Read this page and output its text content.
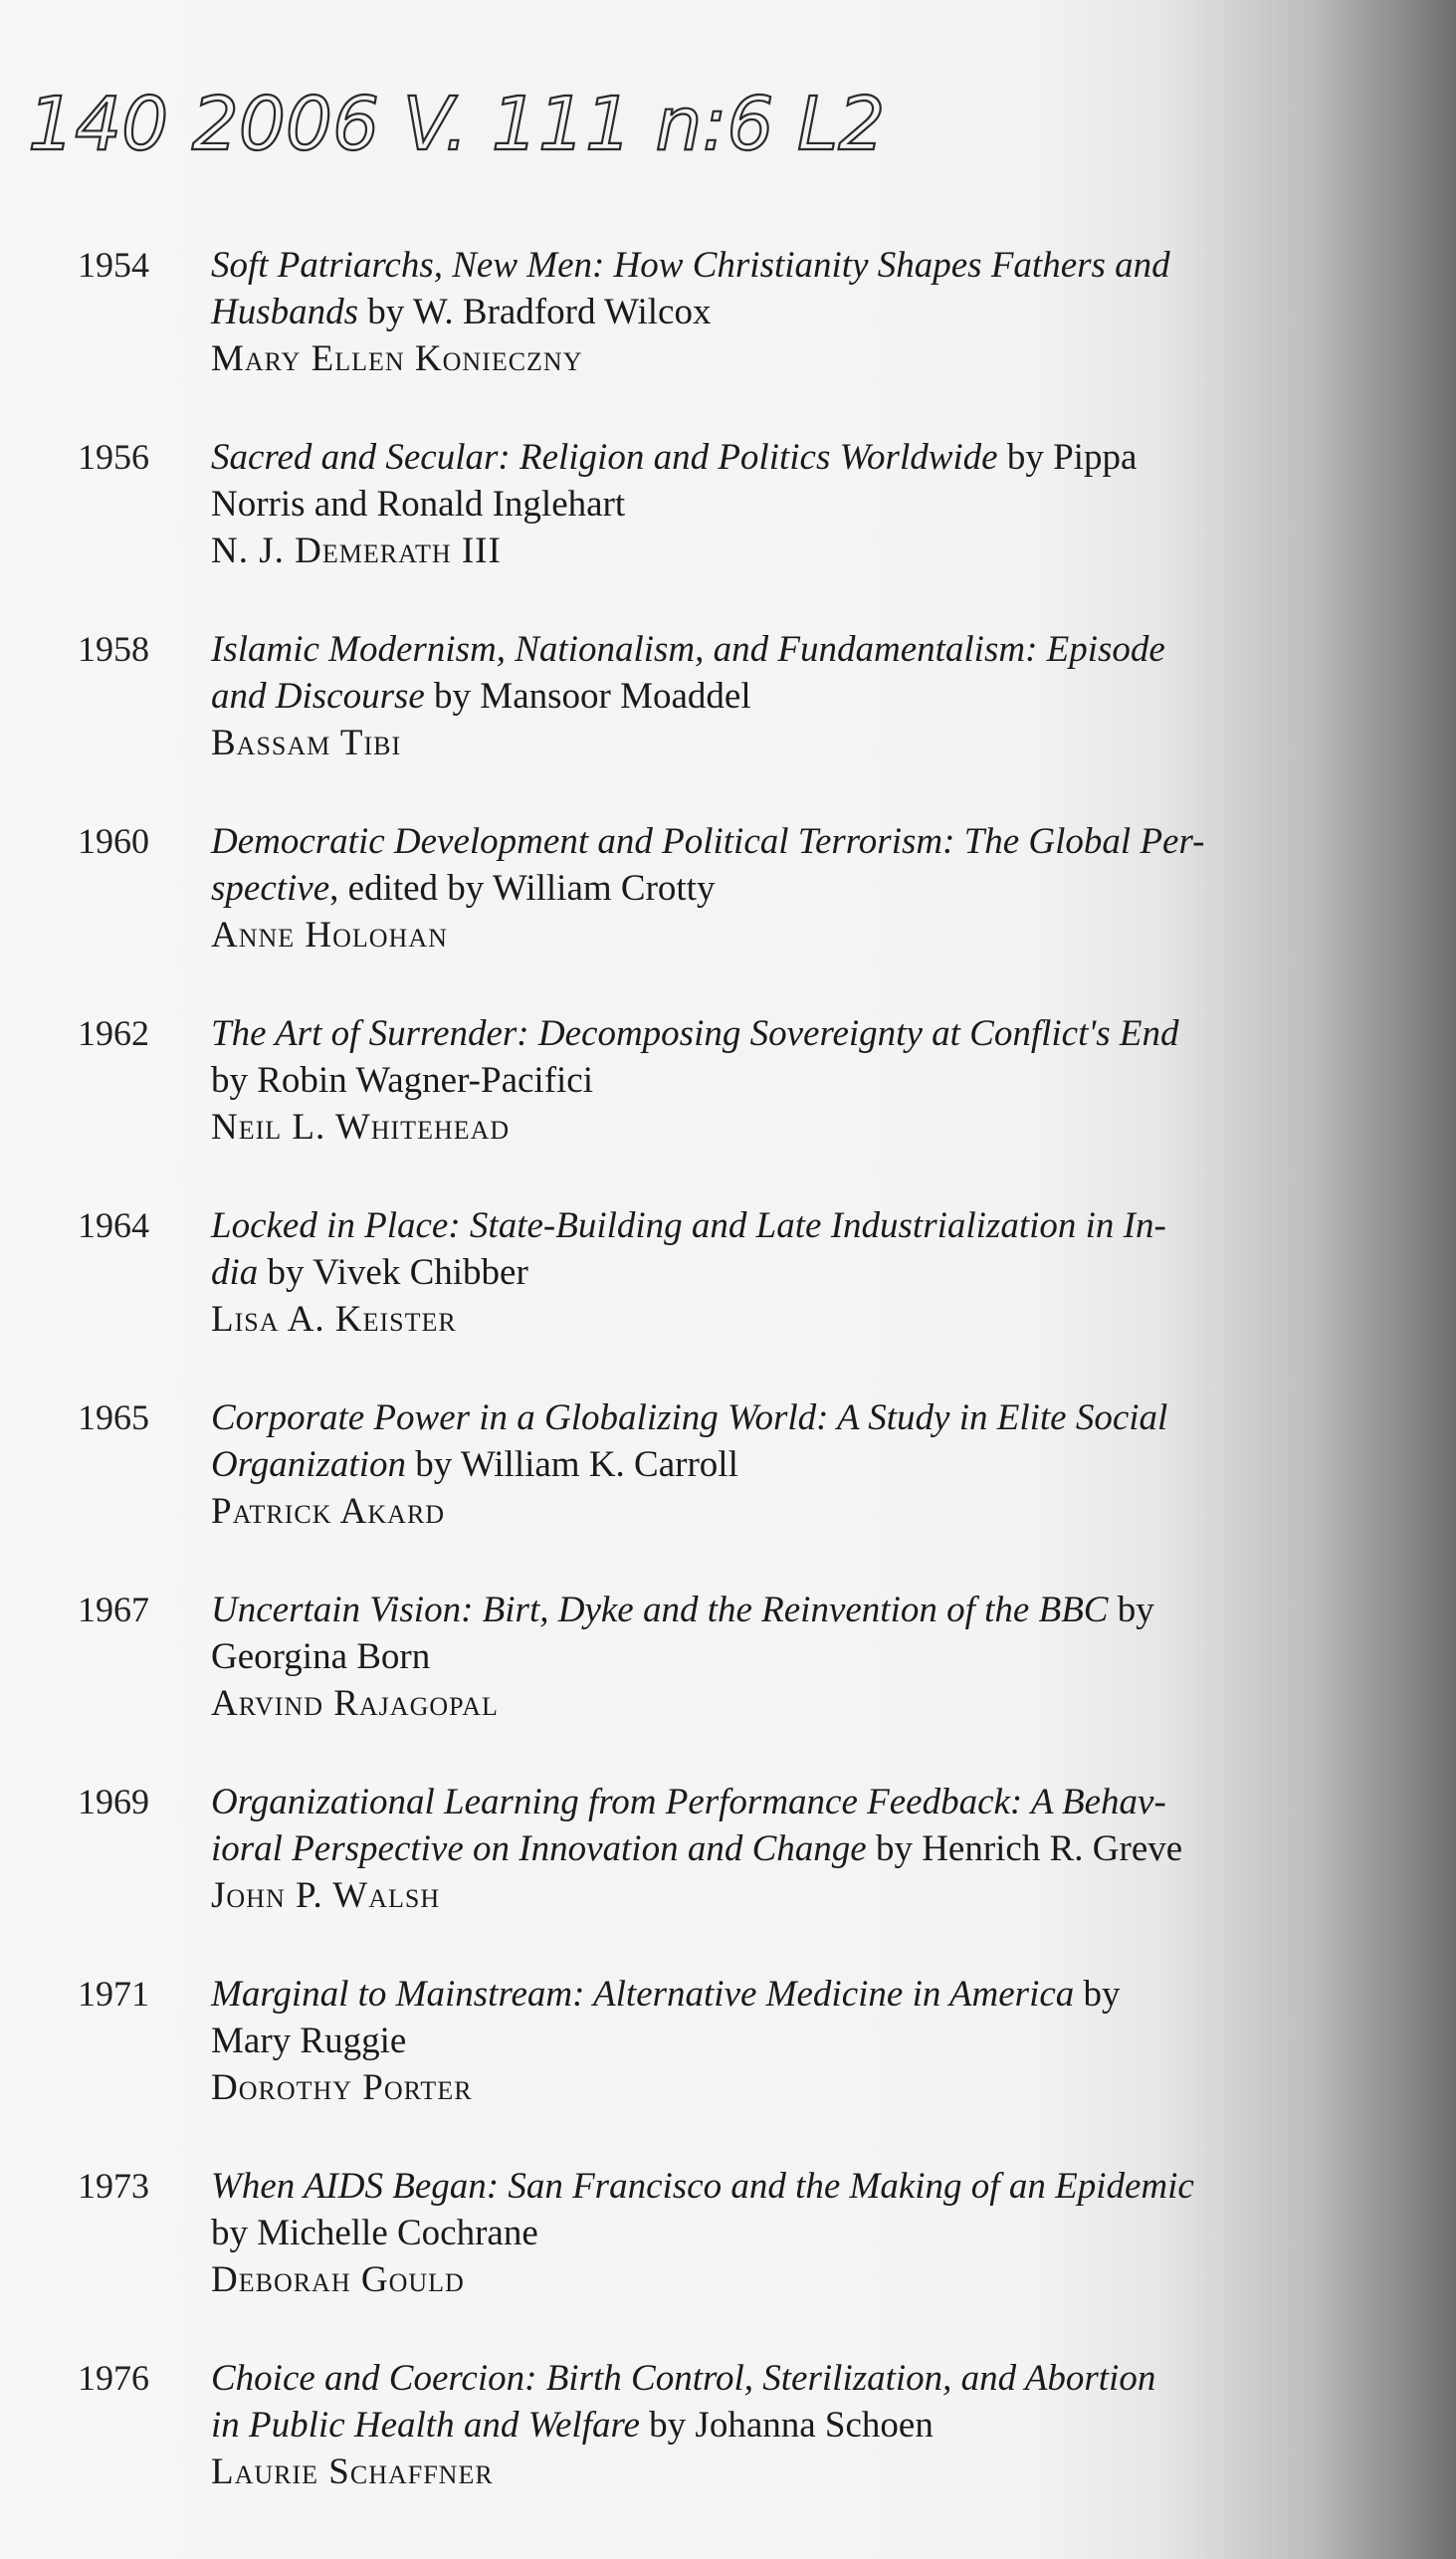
140 2006 V. 111 n:6 L2
1954	Soft Patriarchs, New Men: How Christianity Shapes Fathers and
Husbands by W. Bradford Wilcox
Mary Ellen Konieczny
1956	Sacred and Secular: Religion and Politics Worldwide by Pippa
Norris and Ronald Inglehart
N. J. Demerath III
1958	Islamic Modernism, Nationalism, and Fundamentalism: Episode
and Discourse by Mansoor Moaddel
Bassam Tibi
1960	Democratic Development and Political Terrorism: The Global Per-
spective, edited by William Crotty
Anne Holohan
1962	The Art of Surrender: Decomposing Sovereignty at Conflict's End
by Robin Wagner-Pacifici
Neil L. Whitehead
1964	Locked in Place: State-Building and Late Industrialization in In-
dia by Vivek Chibber
Lisa A. Keister
1965	Corporate Power in a Globalizing World: A Study in Elite Social
Organization by William K. Carroll
Patrick Akard
1967	Uncertain Vision: Birt, Dyke and the Reinvention of the BBC by
Georgina Born
Arvind Rajagopal
1969	Organizational Learning from Performance Feedback: A Behav-
ioral Perspective on Innovation and Change by Henrich R. Greve
John P. Walsh
1971	Marginal to Mainstream: Alternative Medicine in America by
Mary Ruggie
Dorothy Porter
1973	When AIDS Began: San Francisco and the Making of an Epidemic
by Michelle Cochrane
Deborah Gould
1976	Choice and Coercion: Birth Control, Sterilization, and Abortion
in Public Health and Welfare by Johanna Schoen
Laurie Schaffner
